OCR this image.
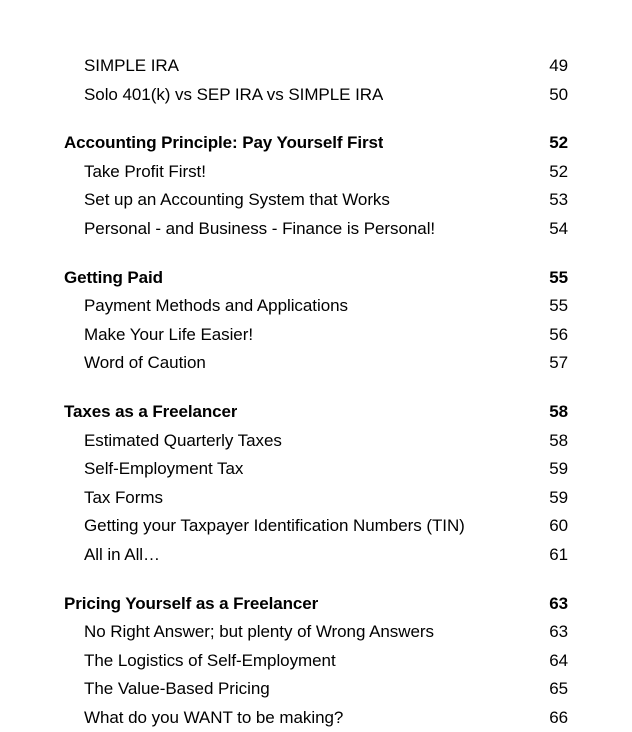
SIMPLE IRA	49
Solo 401(k) vs SEP IRA vs SIMPLE IRA	50
Accounting Principle: Pay Yourself First	52
Take Profit First!	52
Set up an Accounting System that Works	53
Personal - and Business - Finance is Personal!	54
Getting Paid	55
Payment Methods and Applications	55
Make Your Life Easier!	56
Word of Caution	57
Taxes as a Freelancer	58
Estimated Quarterly Taxes	58
Self-Employment Tax	59
Tax Forms	59
Getting your Taxpayer Identification Numbers (TIN)	60
All in All…	61
Pricing Yourself as a Freelancer	63
No Right Answer; but plenty of Wrong Answers	63
The Logistics of Self-Employment	64
The Value-Based Pricing	65
What do you WANT to be making?	66
